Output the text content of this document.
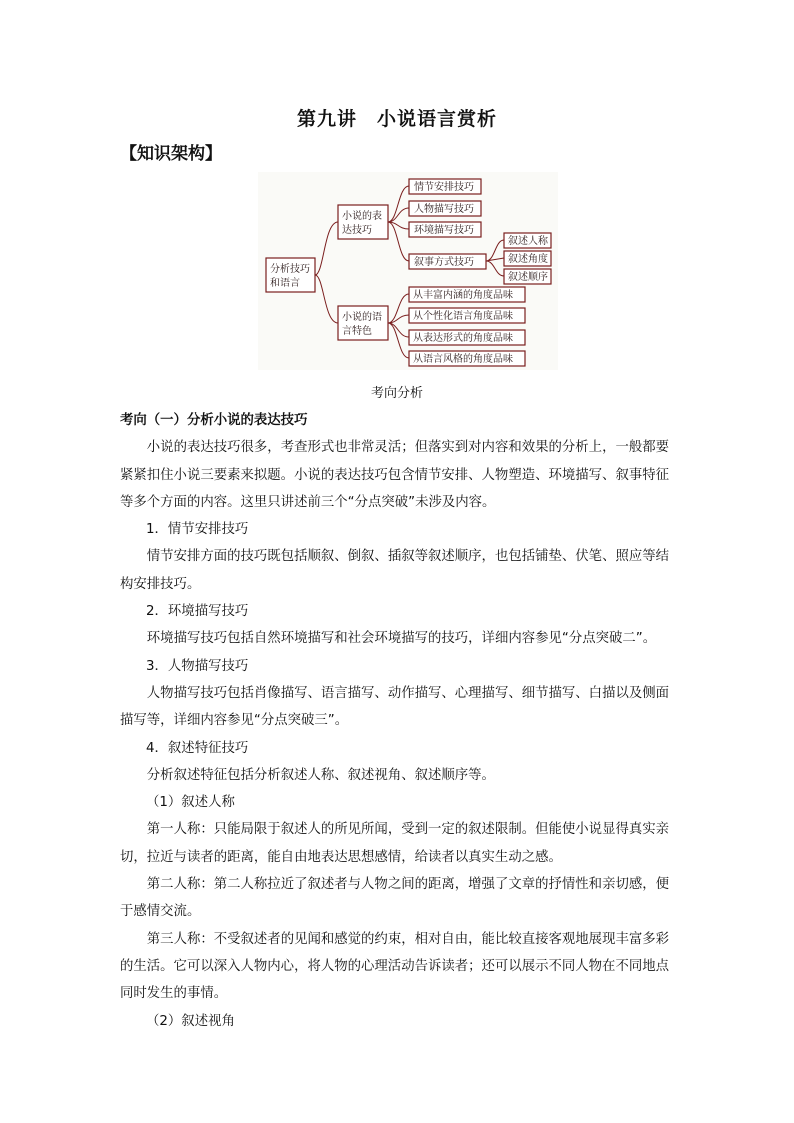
第九讲　小说语言赏析
【知识架构】
分析技巧
和语言
小说的表
达技巧
小说的语
言特色
情节安排技巧
人物描写技巧
环境描写技巧
叙事方式技巧
叙述人称
叙述角度
叙述顺序
从丰富内涵的角度品味
从个性化语言角度品味
从表达形式的角度品味
从语言风格的角度品味
考向分析

考向（一）分析小说的表达技巧

小说的表达技巧很多，考查形式也非常灵活；但落实到对内容和效果的分析上，一般都要紧紧扣住小说三要素来拟题。小说的表达技巧包含情节安排、人物塑造、环境描写、叙事特征等多个方面的内容。这里只讲述前三个“分点突破”未涉及内容。

1．情节安排技巧

情节安排方面的技巧既包括顺叙、倒叙、插叙等叙述顺序，也包括铺垫、伏笔、照应等结构安排技巧。

2．环境描写技巧

环境描写技巧包括自然环境描写和社会环境描写的技巧，详细内容参见“分点突破二”。

3．人物描写技巧

人物描写技巧包括肖像描写、语言描写、动作描写、心理描写、细节描写、白描以及侧面描写等，详细内容参见“分点突破三”。

4．叙述特征技巧

分析叙述特征包括分析叙述人称、叙述视角、叙述顺序等。

（1）叙述人称

第一人称：只能局限于叙述人的所见所闻，受到一定的叙述限制。但能使小说显得真实亲切，拉近与读者的距离，能自由地表达思想感情，给读者以真实生动之感。

第二人称：第二人称拉近了叙述者与人物之间的距离，增强了文章的抒情性和亲切感，便于感情交流。

第三人称：不受叙述者的见闻和感觉的约束，相对自由，能比较直接客观地展现丰富多彩的生活。它可以深入人物内心，将人物的心理活动告诉读者；还可以展示不同人物在不同地点同时发生的事情。

（2）叙述视角
